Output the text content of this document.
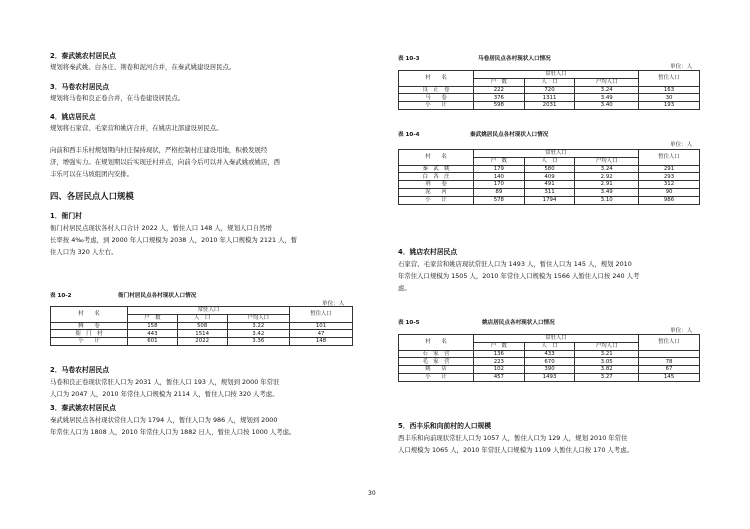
2．秦武姚农村居民点
规划将秦武姚、白各庄、荆卷和泥河合并，在秦武姚建设居民点。
3．马卷农村居民点
规划将马卷和良正卷合并，在马卷建设居民点。
4．姚店居民点
规划将石家营、毛家营和姚店合并，在姚店北部建设居民点。
向前和西丰乐村规划期内村庄保持现状，严格控制村庄建设用地，积极发展经
济，增强实力。在规划期以后实现迁村并点，向前今后可以并入秦武姚或姚店，西
丰乐可以在马坡组团内安排。
四、各居民点人口规模
1．衙门村
衙门村居民点现状各村人口合计 2022 人，暂住人口 148 人，规划人口自然增
长率按 4‰考虑，到 2000 年人口规模为 2038 人，2010 年人口规模为 2121 人，暂
住人口为 320 人左右。
表 10-2	衙门村居民点各村现状人口情况
单位：人
村　　名	常驻人口			暂住人口
	户　数	人　口	户均人口	
腾　　卷	158	508	3.22	101
衙　门　村	443	1514	3.42	47
小　　计	601	2022	3.36	148
2．马卷农村居民点
马卷和良正卷现状常驻人口为 2031 人，暂住人口 193 人，规划到 2000 年常驻
人口为 2047 人，2010 年常住人口规模为 2114 人，暂住人口按 320 人考虑。
3．秦武姚农村居民点
秦武姚居民点各村现状常住人口为 1794 人，暂住人口为 986 人，规划到 2000
年常住人口为 1808 人，2010 年常住人口为 1882 日人，暂住人口按 1000 人考虑。
表 10-3	马卷居民点各村现状人口情况
单位：人
村　　名	常驻人口			暂住人口
	户　数	人　口	户均人口	
良　正　卷	222	720	3.24	163
马　　卷	376	1311	3.49	30
小　　计	598	2031	3.40	193
表 10-4	秦武姚居民点各村现状人口情况
单位：人
村　　名	常驻人口			暂住人口
	户　数	人　口	户均人口	
秦　武　姚	179	580	3.24	291
白　各　庄	140	409	2.92	293
荆　　卷	170	491	2.91	312
泥　　河	89	311	3.49	90
小　　计	578	1794	3.10	986
4．姚店农村居民点
石家营、毛家营和姚店现状常驻人口为 1493 人，暂住人口为 145 人，规划 2010
年常住人口规模为 1505 人，2010 年常住人口规模为 1566 人暂住人口按 240 人考
虑。
表 10-5	姚店居民点各村现状人口情况
单位：人
村　　名	常驻人口			暂住人口
	户　数	人　口	户均人口	
石　家　营	136	433	3.21	
毛　家　营	223	670	3.05	78
姚　　店	102	390	3.82	67
小　　计	457	1493	3.27	145
5．西丰乐和向前村的人口规模
西丰乐和向前现状常驻人口为 1057 人，暂住人口为 129 人，规划 2010 年常住
人口规模为 1065 人，2010 年常驻人口规模为 1109 人暂住人口按 170 人考虑。
30
